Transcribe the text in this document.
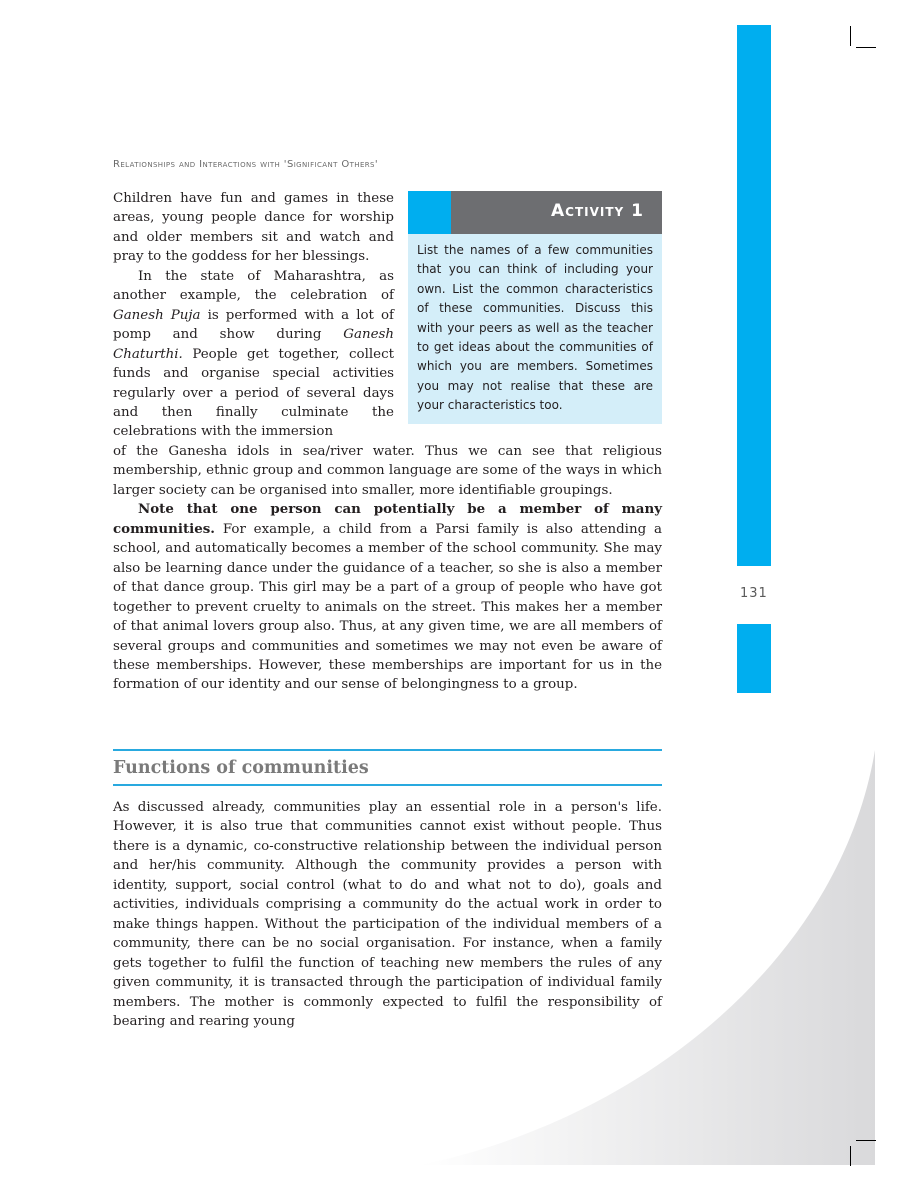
131
Relationships and Interactions with 'Significant Others'
Activity 1

List the names of a few communities that you can think of including your own. List the common characteristics of these communities. Discuss this with your peers as well as the teacher to get ideas about the communities of which you are members. Sometimes you may not realise that these are your characteristics too.

Children have fun and games in these areas, young people dance for worship and older members sit and watch and pray to the goddess for her blessings.

In the state of Maharashtra, as another example, the celebration of Ganesh Puja is performed with a lot of pomp and show during Ganesh Chaturthi. People get together, collect funds and organise special activities regularly over a period of several days and then finally culminate the celebrations with the immersion

of the Ganesha idols in sea/river water. Thus we can see that religious membership, ethnic group and common language are some of the ways in which larger society can be organised into smaller, more identifiable groupings.

Note that one person can potentially be a member of many communities. For example, a child from a Parsi family is also attending a school, and automatically becomes a member of the school community. She may also be learning dance under the guidance of a teacher, so she is also a member of that dance group. This girl may be a part of a group of people who have got together to prevent cruelty to animals on the street. This makes her a member of that animal lovers group also. Thus, at any given time, we are all members of several groups and communities and sometimes we may not even be aware of these memberships. However, these memberships are important for us in the formation of our identity and our sense of belongingness to a group.

Functions of communities

As discussed already, communities play an essential role in a person's life. However, it is also true that communities cannot exist without people. Thus there is a dynamic, co-constructive relationship between the individual person and her/his community. Although the community provides a person with identity, support, social control (what to do and what not to do), goals and activities, individuals comprising a community do the actual work in order to make things happen. Without the participation of the individual members of a community, there can be no social organisation. For instance, when a family gets together to fulfil the function of teaching new members the rules of any given community, it is transacted through the participation of individual family members. The mother is commonly expected to fulfil the responsibility of bearing and rearing young
